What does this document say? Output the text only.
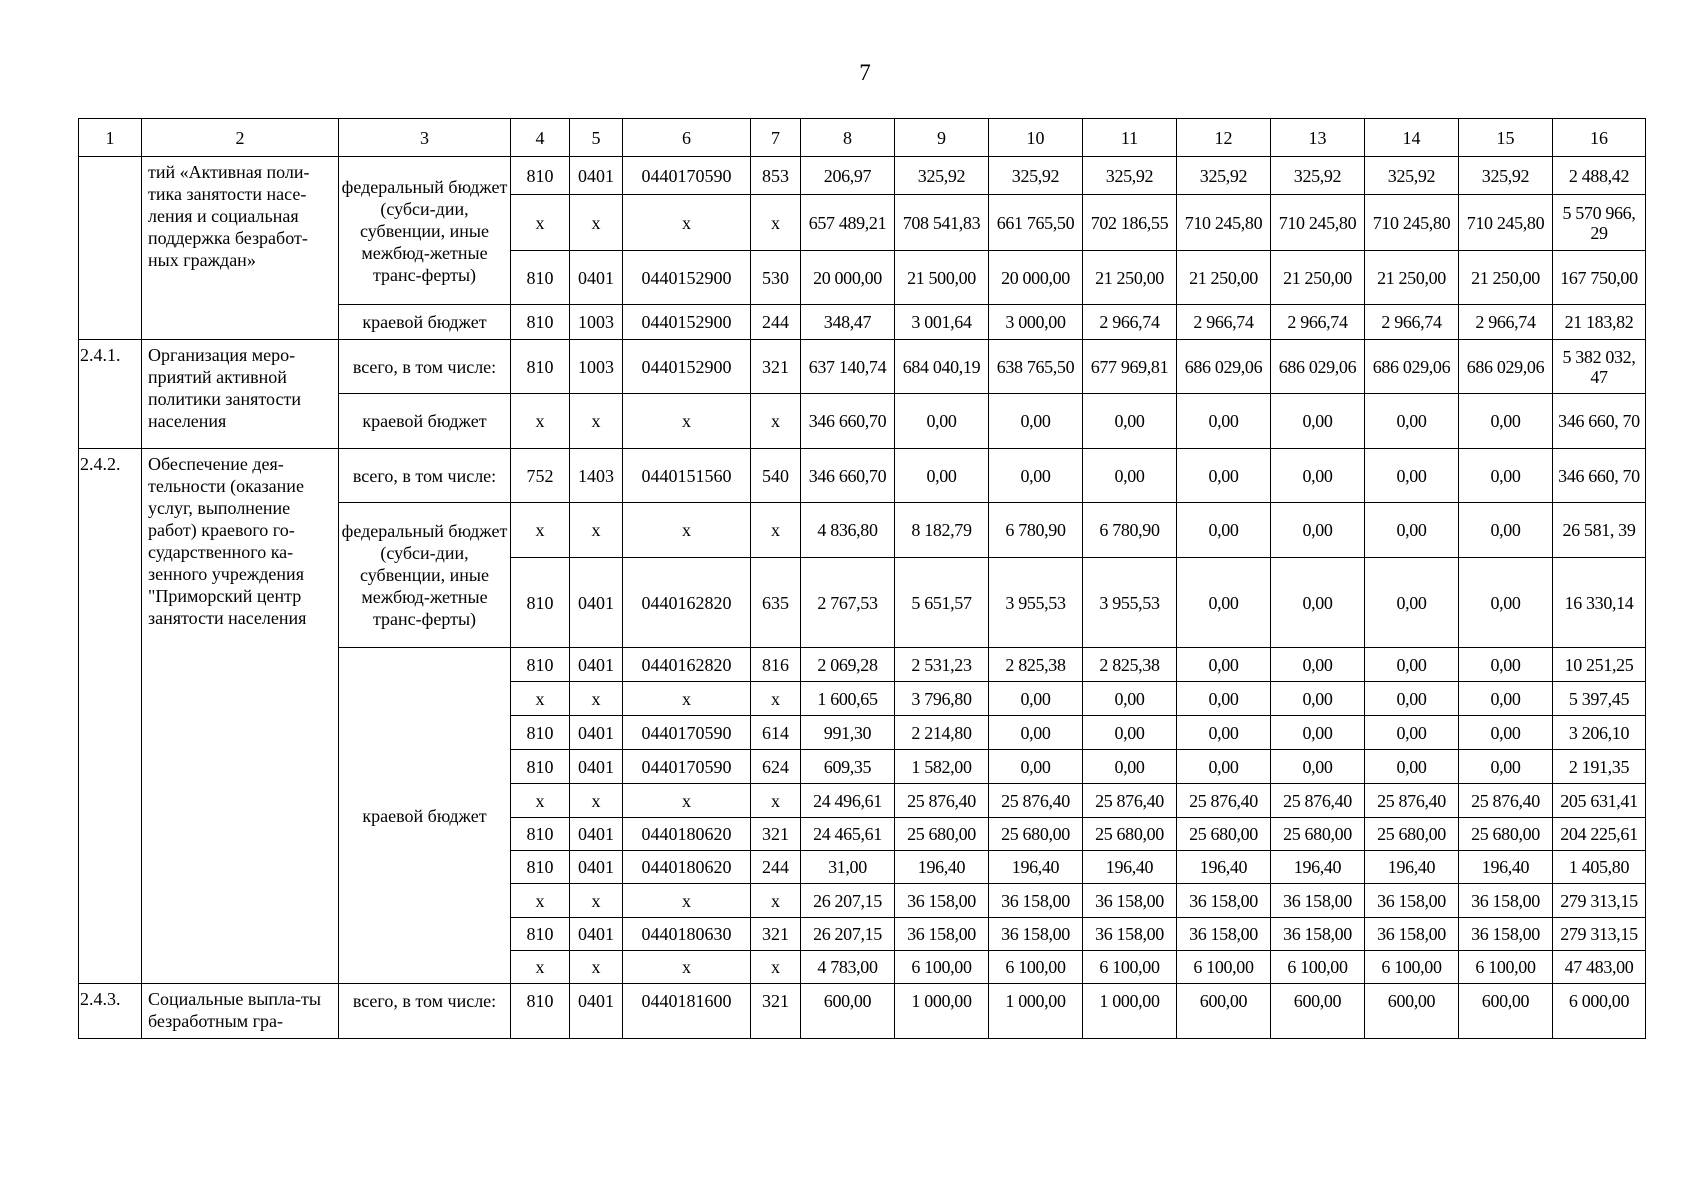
7
1	2	3	4	5	6	7	8	9	10	11	12	13	14	15	16
	тий «Активная поли-тика занятости насе-ления и социальная поддержка безработ-ных граждан»	федеральный бюджет (субси-дии, субвенции, иные межбюд-жетные транс-ферты)	810	0401	0440170590	853	206,97	325,92	325,92	325,92	325,92	325,92	325,92	325,92	2 488,42
			x	x	x	x	657 489,21	708 541,83	661 765,50	702 186,55	710 245,80	710 245,80	710 245,80	710 245,80	5 570 966, 29
			810	0401	0440152900	530	20 000,00	21 500,00	20 000,00	21 250,00	21 250,00	21 250,00	21 250,00	21 250,00	167 750,00
		краевой бюджет	810	1003	0440152900	244	348,47	3 001,64	3 000,00	2 966,74	2 966,74	2 966,74	2 966,74	2 966,74	21 183,82
2.4.1.	Организация меро-приятий активной политики занятости населения	всего, в том числе:	810	1003	0440152900	321	637 140,74	684 040,19	638 765,50	677 969,81	686 029,06	686 029,06	686 029,06	686 029,06	5 382 032, 47
		краевой бюджет	x	x	x	x	346 660,70	0,00	0,00	0,00	0,00	0,00	0,00	0,00	346 660, 70
2.4.2.	Обеспечение дея-тельности (оказание услуг, выполнение работ) краевого го-сударственного ка-зенного учреждения "Приморский центр занятости населения	всего, в том числе:	752	1403	0440151560	540	346 660,70	0,00	0,00	0,00	0,00	0,00	0,00	0,00	346 660, 70
		федеральный бюджет (субси-дии, субвенции, иные межбюд-жетные транс-ферты)	x	x	x	x	4 836,80	8 182,79	6 780,90	6 780,90	0,00	0,00	0,00	0,00	26 581, 39
			810	0401	0440162820	635	2 767,53	5 651,57	3 955,53	3 955,53	0,00	0,00	0,00	0,00	16 330,14
		краевой бюджет	810	0401	0440162820	816	2 069,28	2 531,23	2 825,38	2 825,38	0,00	0,00	0,00	0,00	10 251,25
			x	x	x	x	1 600,65	3 796,80	0,00	0,00	0,00	0,00	0,00	0,00	5 397,45
			810	0401	0440170590	614	991,30	2 214,80	0,00	0,00	0,00	0,00	0,00	0,00	3 206,10
			810	0401	0440170590	624	609,35	1 582,00	0,00	0,00	0,00	0,00	0,00	0,00	2 191,35
			x	x	x	x	24 496,61	25 876,40	25 876,40	25 876,40	25 876,40	25 876,40	25 876,40	25 876,40	205 631,41
			810	0401	0440180620	321	24 465,61	25 680,00	25 680,00	25 680,00	25 680,00	25 680,00	25 680,00	25 680,00	204 225,61
			810	0401	0440180620	244	31,00	196,40	196,40	196,40	196,40	196,40	196,40	196,40	1 405,80
			x	x	x	x	26 207,15	36 158,00	36 158,00	36 158,00	36 158,00	36 158,00	36 158,00	36 158,00	279 313,15
			810	0401	0440180630	321	26 207,15	36 158,00	36 158,00	36 158,00	36 158,00	36 158,00	36 158,00	36 158,00	279 313,15
			x	x	x	x	4 783,00	6 100,00	6 100,00	6 100,00	6 100,00	6 100,00	6 100,00	6 100,00	47 483,00
2.4.3.	Социальные выпла-ты безработным гра-	всего, в том числе:	810	0401	0440181600	321	600,00	1 000,00	1 000,00	1 000,00	600,00	600,00	600,00	600,00	6 000,00
